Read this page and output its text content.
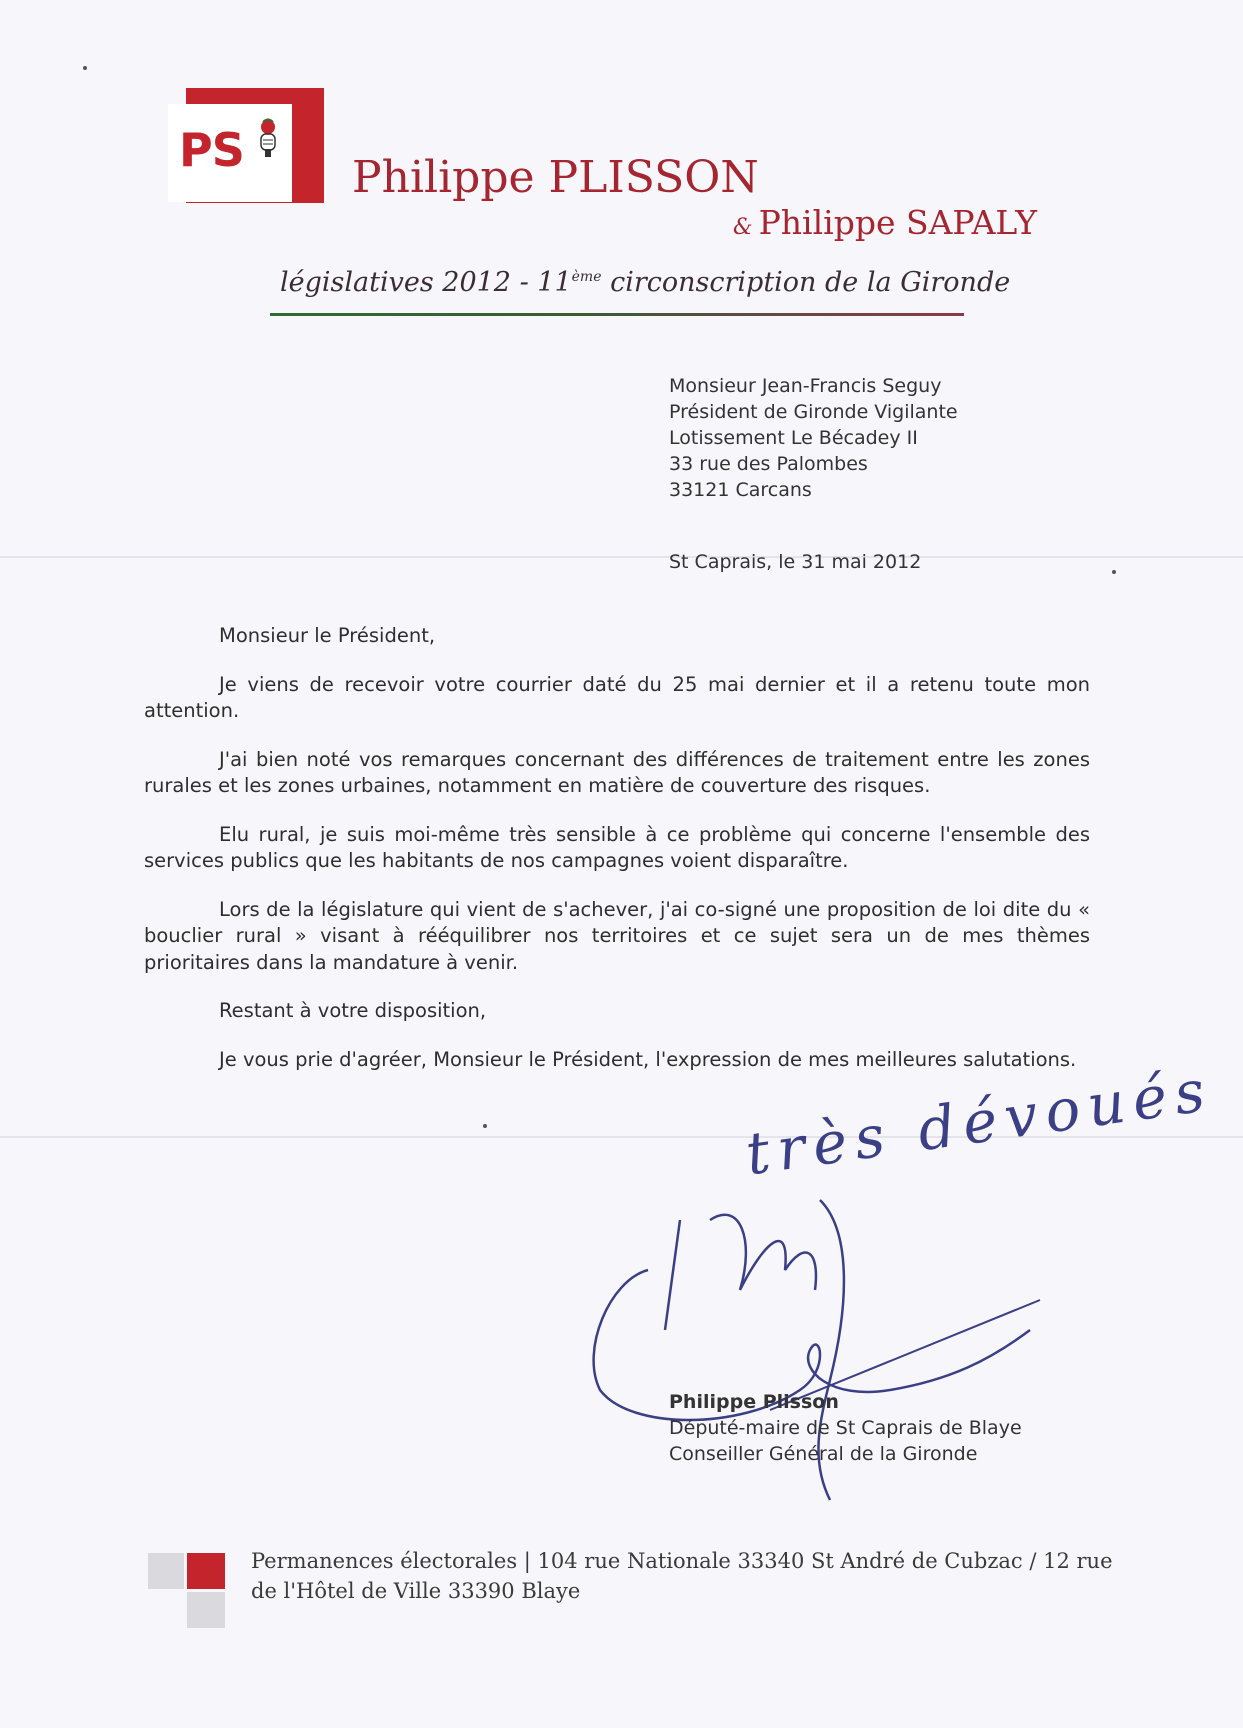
PS
Philippe PLISSON
& Philippe SAPALY
législatives 2012 - 11ème circonscription de la Gironde
Monsieur Jean-Francis Seguy
Président de Gironde Vigilante
Lotissement Le Bécadey II
33 rue des Palombes
33121 Carcans
St Caprais, le 31 mai 2012

Monsieur le Président,

Je viens de recevoir votre courrier daté du 25 mai dernier et il a retenu toute mon attention.

J'ai bien noté vos remarques concernant des différences de traitement entre les zones rurales et les zones urbaines, notamment en matière de couverture des risques.

Elu rural, je suis moi-même très sensible à ce problème qui concerne l'ensemble des services publics que les habitants de nos campagnes voient disparaître.

Lors de la législature qui vient de s'achever, j'ai co-signé une proposition de loi dite du « bouclier rural » visant à rééquilibrer nos territoires et ce sujet sera un de mes thèmes prioritaires dans la mandature à venir.

Restant à votre disposition,

Je vous prie d'agréer, Monsieur le Président, l'expression de mes meilleures salutations.

très dévoués
Philippe Plisson
Député-maire de St Caprais de Blaye
Conseiller Général de la Gironde
Permanences électorales | 104 rue Nationale 33340 St André de Cubzac / 12 rue de l'Hôtel de Ville 33390 Blaye
